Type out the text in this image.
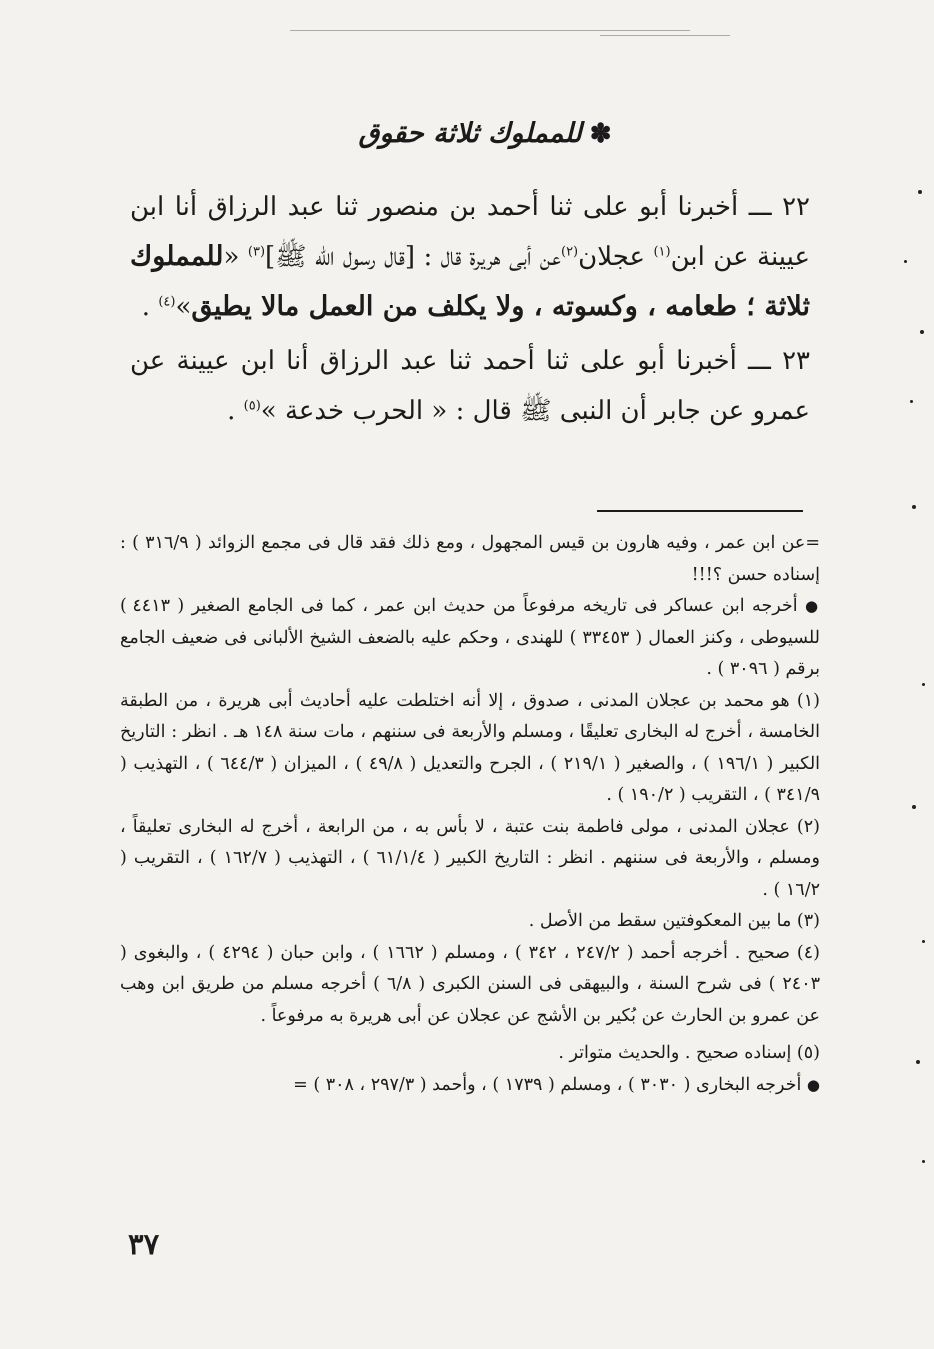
✽للمملوك ثلاثة حقوق

٢٢ ـــ أخبرنا أبو على ثنا أحمد بن منصور ثنا عبد الرزاق أنا ابن عيينة عن ابن$^{(١)}$ عجلان$^{(٢)}$عن أبى هريرة قال : [قال رسول الله ﷺ]$^{(٣)}$ «للمملوك ثلاثة ؛ طعامه ، وكسوته ، ولا يكلف من العمل مالا يطيق»$^{(٤)}$ .

٢٣ ـــ أخبرنا أبو على ثنا أحمد ثنا عبد الرزاق أنا ابن عيينة عن عمرو عن جابر أن النبى ﷺ قال : « الحرب خدعة »$^{(٥)}$ .

=عن ابن عمر ، وفيه هارون بن قيس المجهول ، ومع ذلك فقد قال فى مجمع الزوائد ( ٣١٦/٩ ) : إسناده حسن ؟!!!

● أخرجه ابن عساكر فى تاريخه مرفوعاً من حديث ابن عمر ، كما فى الجامع الصغير ( ٤٤١٣ ) للسيوطى ، وكنز العمال ( ٣٣٤٥٣ ) للهندى ، وحكم عليه بالضعف الشيخ الألبانى فى ضعيف الجامع برقم ( ٣٠٩٦ ) .

(١) هو محمد بن عجلان المدنى ، صدوق ، إلا أنه اختلطت عليه أحاديث أبى هريرة ، من الطبقة الخامسة ، أخرج له البخارى تعليقًا ، ومسلم والأربعة فى سننهم ، مات سنة ١٤٨ هـ . انظر : التاريخ الكبير ( ١٩٦/١ ) ، والصغير ( ٢١٩/١ ) ، الجرح والتعديل ( ٤٩/٨ ) ، الميزان ( ٦٤٤/٣ ) ، التهذيب ( ٣٤١/٩ ) ، التقريب ( ١٩٠/٢ ) .

(٢) عجلان المدنى ، مولى فاطمة بنت عتبة ، لا بأس به ، من الرابعة ، أخرج له البخارى تعليقاً ، ومسلم ، والأربعة فى سننهم . انظر : التاريخ الكبير ( ٦١/١/٤ ) ، التهذيب ( ١٦٢/٧ ) ، التقريب ( ١٦/٢ ) .

(٣) ما بين المعكوفتين سقط من الأصل .

(٤) صحيح . أخرجه أحمد ( ٢٤٧/٢ ، ٣٤٢ ) ، ومسلم ( ١٦٦٢ ) ، وابن حبان ( ٤٢٩٤ ) ، والبغوى ( ٢٤٠٣ ) فى شرح السنة ، والبيهقى فى السنن الكبرى ( ٦/٨ ) أخرجه مسلم من طريق ابن وهب عن عمرو بن الحارث عن بُكير بن الأشج عن عجلان عن أبى هريرة به مرفوعاً .

(٥) إسناده صحيح . والحديث متواتر .

● أخرجه البخارى ( ٣٠٣٠ ) ، ومسلم ( ١٧٣٩ ) ، وأحمد ( ٢٩٧/٣ ، ٣٠٨ ) =

٣٧
